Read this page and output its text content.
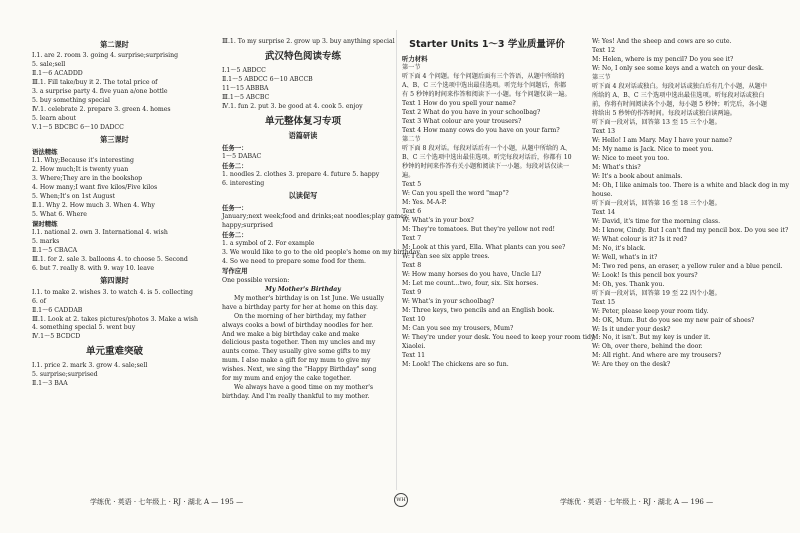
第二课时
Ⅰ.1. are 2. room 3. going 4. surprise;surprising
5. sale;sell
Ⅱ.1～6 ACADDD
Ⅲ.1. Fill take/buy it 2. The total price of
3. a surprise party 4. five yuan a/one bottle
5. buy something special
Ⅳ.1. celebrate 2. prepare 3. green 4. homes
5. learn about
Ⅴ.1～5 BDCBC 6～10 DADCC
第三课时
语法精练
Ⅰ.1. Why;Because it's interesting
2. How much;It is twenty yuan
3. Where;They are in the bookshop
4. How many;I want five kilos/Five kilos
5. When;It's on 1st August
Ⅱ.1. Why 2. How much 3. When 4. Why
5. What 6. Where
课时精练
Ⅰ.1. national 2. own 3. International 4. wish
5. marks
Ⅱ.1～5 CBACA
Ⅲ.1. for 2. sale 3. balloons 4. to choose 5. Second
6. but 7. really 8. with 9. way 10. leave
第四课时
Ⅰ.1. to make 2. wishes 3. to watch 4. is 5. collecting
6. of
Ⅱ.1～6 CADDAB
Ⅲ.1. Look at 2. takes pictures/photos 3. Make a wish
4. something special 5. went buy
Ⅳ.1～5 BCDCD
单元重难突破
Ⅰ.1. price 2. mark 3. grow 4. sale;sell
5. surprise;surprised
Ⅱ.1～3 BAA
Ⅲ.1. To my surprise 2. grow up 3. buy anything special
武汉特色阅读专练
Ⅰ.1～5 ABDCC
Ⅱ.1～5 ABDCC 6～10 ABCCB
11～15 ABBBA
Ⅲ.1～5 ABCBC
Ⅳ.1. fun 2. put 3. be good at 4. cook 5. enjoy
单元整体复习专项
语篇研读
任务一：
1～5 DABAC
任务二：
1. noodles 2. clothes 3. prepare 4. future 5. happy
6. interesting
以读促写
任务一：
January;next week;food and drinks;eat noodles;play games;
happy;surprised
任务二：
1. a symbol of 2. For example
3. We would like to go to the old people's home on my birthday.
4. So we need to prepare some food for them.
写作应用
One possible version:
My Mother's Birthday
My mother's birthday is on 1st June. We usually have a birthday party for her at home on this day.
On the morning of her birthday, my father always cooks a bowl of birthday noodles for her. And we make a big birthday cake and make delicious pasta together. Then my uncles and my aunts come. They usually give some gifts to my mum. I also make a gift for my mum to give my wishes. Next, we sing the "Happy Birthday" song for my mum and enjoy the cake together.
We always have a good time on my mother's birthday. And I'm really thankful to my mother.
Starter Units 1～3 学业质量评价
听力材料
第一节
听下面 4 个问题。每个问题后面有三个答语，从题中所给的 A、B、C 三个选项中选出最佳选项。听完每个问题后，你都有 5 秒钟的时间来作答和阅读下一小题。每个问题仅读一遍。
Text 1 How do you spell your name?
Text 2 What do you have in your schoolbag?
Text 3 What colour are your trousers?
Text 4 How many cows do you have on your farm?
第二节
听下面 8 段对话。每段对话后有一个小题，从题中所给的 A、B、C 三个选项中选出最佳选项。听完每段对话后，你都有 10 秒钟的时间来作答有关小题和阅读下一小题。每段对话仅读一遍。
Text 5
W: Can you spell the word "map"?
M: Yes. M-A-P.
Text 6
W: What's in your box?
M: They're tomatoes. But they're yellow not red!
Text 7
M: Look at this yard, Ella. What plants can you see?
W: I can see six apple trees.
Text 8
W: How many horses do you have, Uncle Li?
M: Let me count...two, four, six. Six horses.
Text 9
W: What's in your schoolbag?
M: Three keys, two pencils and an English book.
Text 10
M: Can you see my trousers, Mum?
W: They're under your desk. You need to keep your room tidy,
Xiaolei.
Text 11
M: Look! The chickens are so fun.
W: Yes! And the sheep and cows are so cute.
Text 12
M: Helen, where is my pencil? Do you see it?
W: No, I only see some keys and a watch on your desk.
第三节
听下面 4 段对话或独白。每段对话或独白后有几个小题，从题中所给的 A、B、C 三个选项中选出最佳选项。听每段对话或独白前，你将有时间阅读各个小题，每小题 5 秒钟；听完后，各小题将给出 5 秒钟的作答时间。每段对话或独白读两遍。
听下面一段对话，回答第 13 至 15 三个小题。
Text 13
W: Hello! I am Mary. May I have your name?
M: My name is Jack. Nice to meet you.
W: Nice to meet you too.
M: What's this?
W: It's a book about animals.
M: Oh, I like animals too. There is a white and black dog in my
house.
听下面一段对话，回答第 16 至 18 三个小题。
Text 14
W: David, it's time for the morning class.
M: I know, Cindy. But I can't find my pencil box. Do you see it?
W: What colour is it? Is it red?
M: No, it's black.
W: Well, what's in it?
M: Two red pens, an eraser, a yellow ruler and a blue pencil.
W: Look! Is this pencil box yours?
M: Oh, yes. Thank you.
听下面一段对话，回答第 19 至 22 四个小题。
Text 15
W: Peter, please keep your room tidy.
M: OK, Mum. But do you see my new pair of shoes?
W: Is it under your desk?
M: No, it isn't. But my key is under it.
W: Oh, over there, behind the door.
M: All right. And where are my trousers?
W: Are they on the desk?
学练优 · 英语 · 七年级上 · RJ · 湖北 A — 195 —	WH	学练优 · 英语 · 七年级上 · RJ · 湖北 A — 196 —
